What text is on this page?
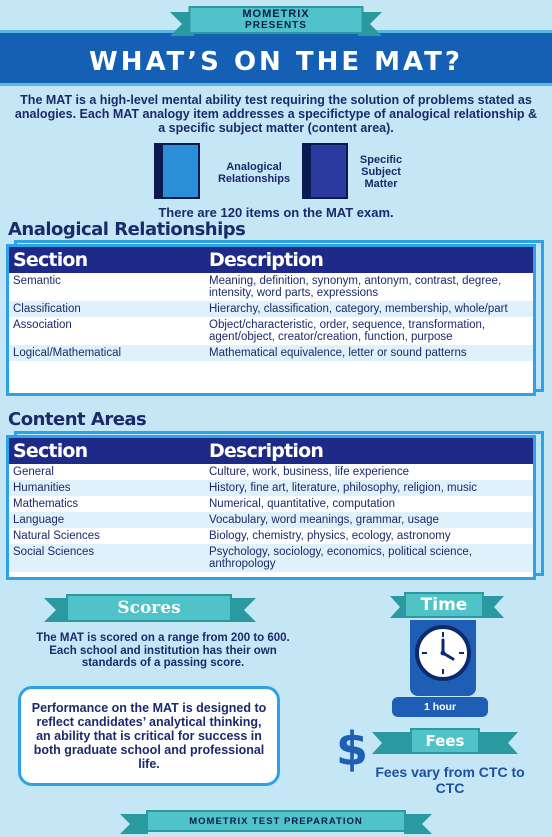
MOMETRIX
PRESENTS
WHAT’S ON THE MAT?

The MAT is a high-level mental ability test requiring the solution of problems stated as analogies. Each MAT analogy item addresses a specifictype of analogical relationship & a specific subject matter (content area).

Analogical Relationships
Specific Subject Matter
There are 120 items on the MAT exam.
Analogical Relationships
Section	Description
Semantic	Meaning, definition, synonym, antonym, contrast, degree, intensity, word parts, expressions
Classification	Hierarchy, classification, category, membership, whole/part
Association	Object/characteristic, order, sequence, transformation, agent/object, creator/creation, function, purpose
Logical/Mathematical	Mathematical equivalence, letter or sound patterns
Content Areas
Section	Description
General	Culture, work, business, life experience
Humanities	History, fine art, literature, philosophy, religion, music
Mathematics	Numerical, quantitative, computation
Language	Vocabulary, word meanings, grammar, usage
Natural Sciences	Biology, chemistry, physics, ecology, astronomy
Social Sciences	Psychology, sociology, economics, political science, anthropology
Scores

The MAT is scored on a range from 200 to 600. Each school and institution has their own standards of a passing score.

Performance on the MAT is designed to reflect candidates’ analytical thinking, an ability that is critical for success in both graduate school and professional life.
Time
1 hour
Fees
$ Fees vary from CTC to CTC
MOMETRIX TEST PREPARATION
